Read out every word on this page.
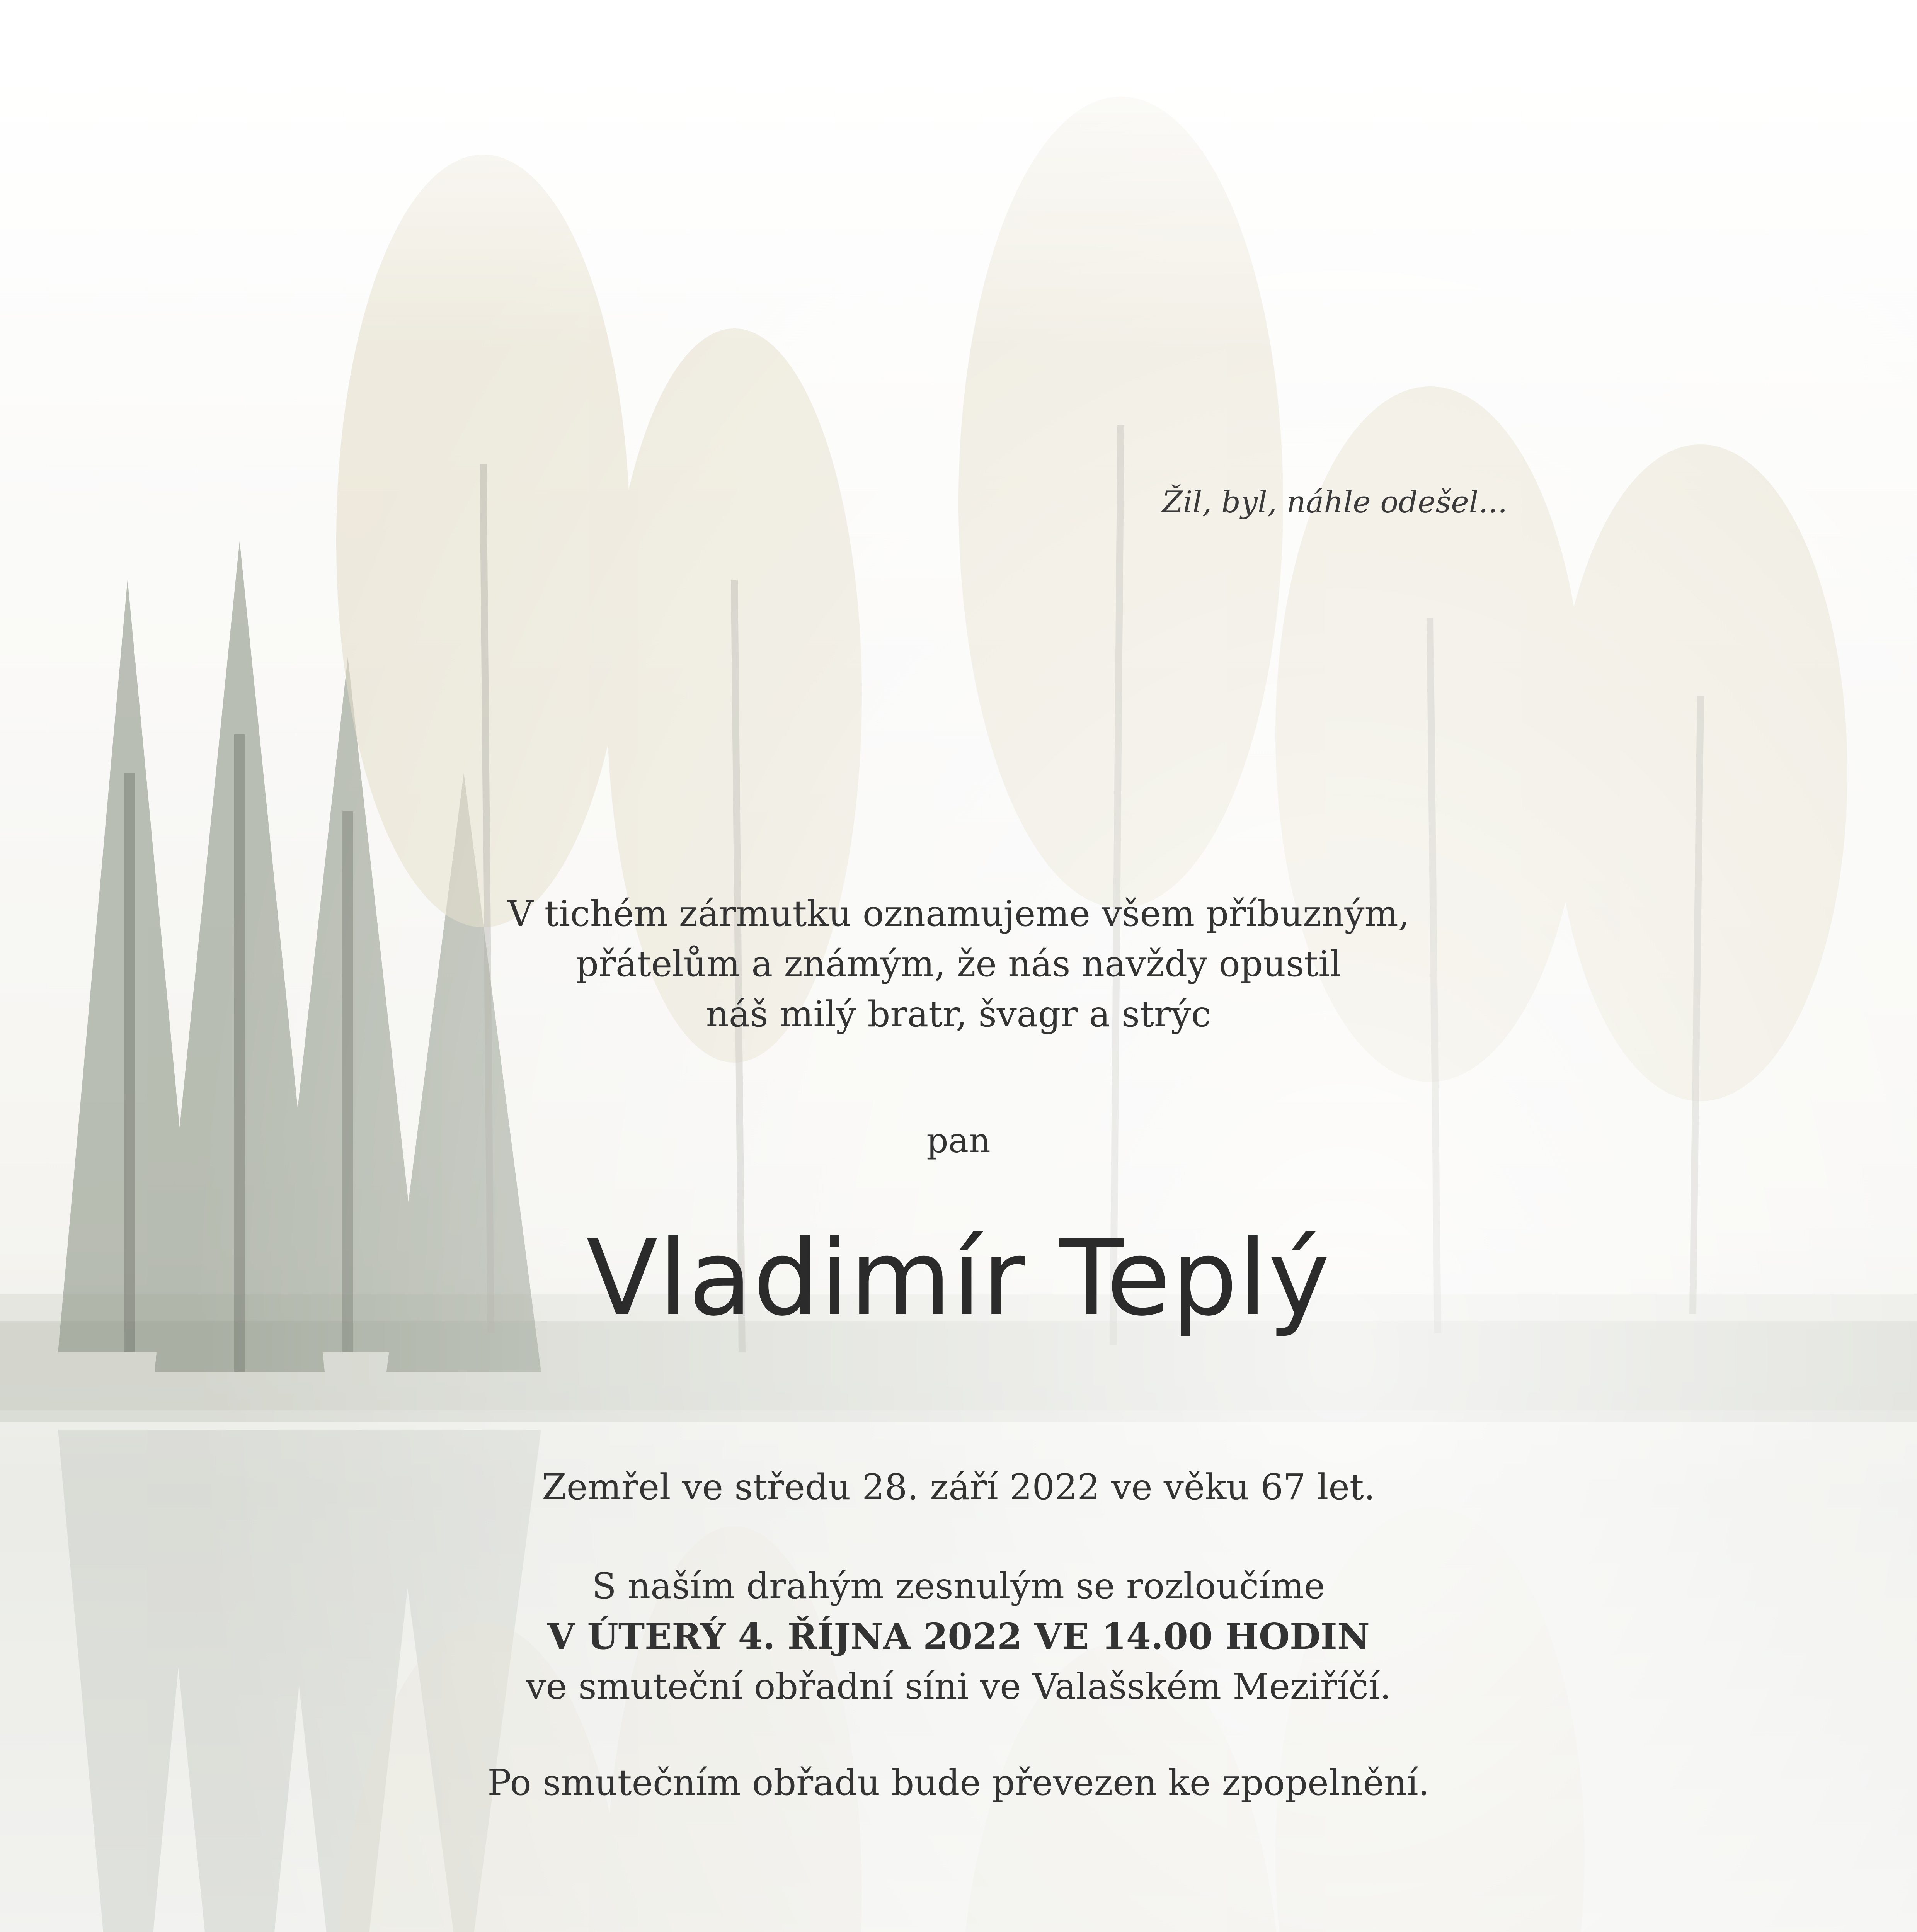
Žil, byl, náhle odešel...
V tichém zármutku oznamujeme všem příbuzným,
přátelům a známým, že nás navždy opustil
náš milý bratr, švagr a strýc
pan
Vladimír Teplý
Zemřel ve středu 28. září 2022 ve věku 67 let.
S naším drahým zesnulým se rozloučíme
V ÚTERÝ 4. ŘÍJNA 2022 VE 14.00 HODIN
ve smuteční obřadní síni ve Valašském Meziříčí.
Po smutečním obřadu bude převezen ke zpopelnění.
